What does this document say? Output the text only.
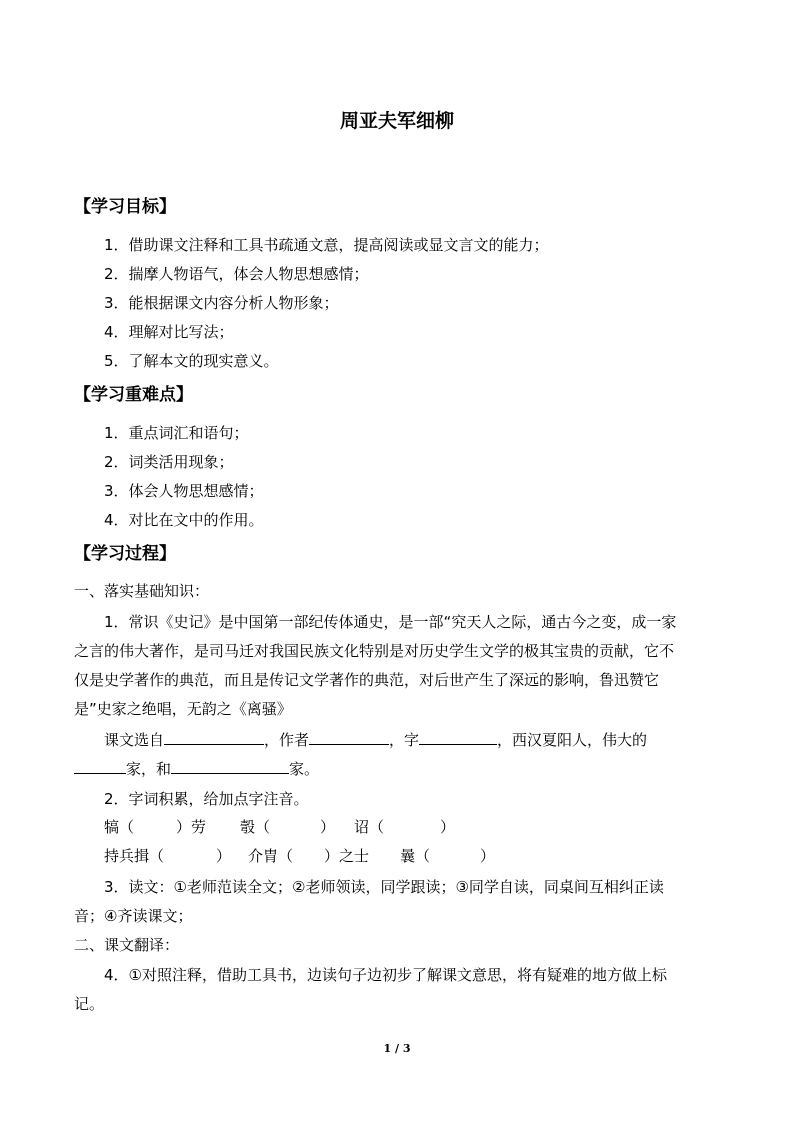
周亚夫军细柳
【学习目标】
1．借助课文注释和工具书疏通文意，提高阅读或显文言文的能力；
2．揣摩人物语气，体会人物思想感情；
3．能根据课文内容分析人物形象；
4．理解对比写法；
5．了解本文的现实意义。
【学习重难点】
1．重点词汇和语句；
2．词类活用现象；
3．体会人物思想感情；
4．对比在文中的作用。
【学习过程】
一、落实基础知识：
1．常识《史记》是中国第一部纪传体通史，是一部“究天人之际，通古今之变，成一家
之言的伟大著作，是司马迁对我国民族文化特别是对历史学生文学的极其宝贵的贡献，它不
仅是史学著作的典范，而且是传记文学著作的典范，对后世产生了深远的影响，鲁迅赞它
是”史家之绝唱，无韵之《离骚》
课文选自	，作者	，字	，西汉夏阳人，伟大的
家，和	家。
2．字词积累，给加点字注音。
犒（	）劳 彀（	） 诏（	）
持兵揖（	） 介胄（ ）之士 曩（	）
3．读文：①老师范读全文；②老师领读，同学跟读；③同学自读，同桌间互相纠正读
音；④齐读课文；
二、课文翻译：
4．①对照注释，借助工具书，边读句子边初步了解课文意思，将有疑难的地方做上标
记。
1 / 3
